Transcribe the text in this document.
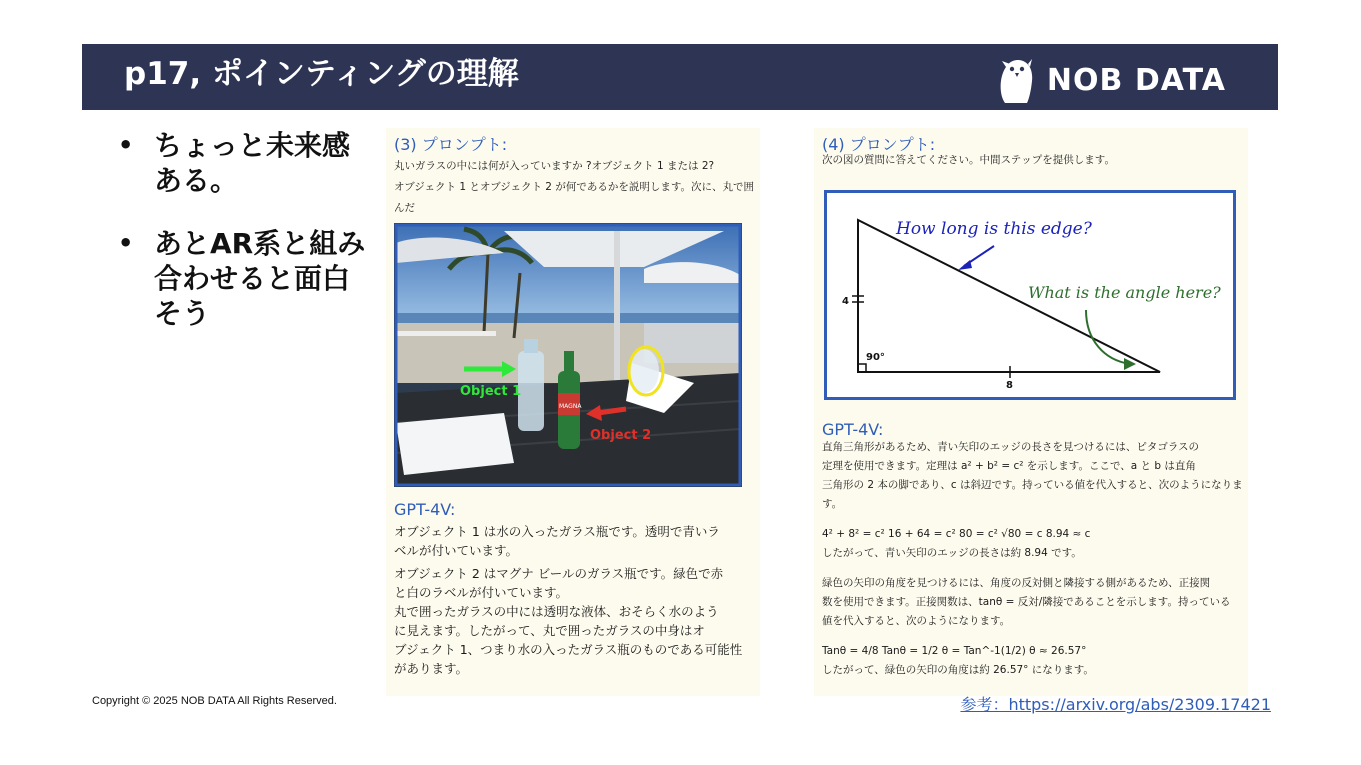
p17, ポインティングの理解	NOB DATA
• ちょっと未来感ある。
• あとAR系と組み合わせると面白そう
(3) プロンプト:
丸いガラスの中には何が入っていますか ?オブジェクト 1 または 2?
オブジェクト 1 とオブジェクト 2 が何であるかを説明します。次に、丸で囲んだ
Object 1
Object 2
MAGNA
GPT-4V:
オブジェクト 1 は水の入ったガラス瓶です。透明で青いラ
ベルが付いています。
オブジェクト 2 はマグナ ビールのガラス瓶です。緑色で赤
と白のラベルが付いています。
丸で囲ったガラスの中には透明な液体、おそらく水のよう
に見えます。したがって、丸で囲ったガラスの中身はオ
ブジェクト 1、つまり水の入ったガラス瓶のものである可能性
があります。
(4) プロンプト:
次の図の質問に答えてください。中間ステップを提供します。
How long is this edge?
What is the angle here?
4
8
90°
GPT-4V:
直角三角形があるため、青い矢印のエッジの長さを見つけるには、ピタゴラスの
定理を使用できます。定理は a² + b² = c² を示します。ここで、a と b は直角
三角形の 2 本の脚であり、c は斜辺です。持っている値を代入すると、次のようになりま
す。
4² + 8² = c² 16 + 64 = c² 80 = c² √80 = c 8.94 ≈ c
したがって、青い矢印のエッジの長さは約 8.94 です。
緑色の矢印の角度を見つけるには、角度の反対側と隣接する側があるため、正接関
数を使用できます。正接関数は、tanθ = 反対/隣接であることを示します。持っている
値を代入すると、次のようになります。
Tanθ = 4/8 Tanθ = 1/2 θ = Tan^-1(1/2) θ ≈ 26.57°
したがって、緑色の矢印の角度は約 26.57° になります。
Copyright © 2025 NOB DATA All Rights Reserved.	参考：https://arxiv.org/abs/2309.17421
